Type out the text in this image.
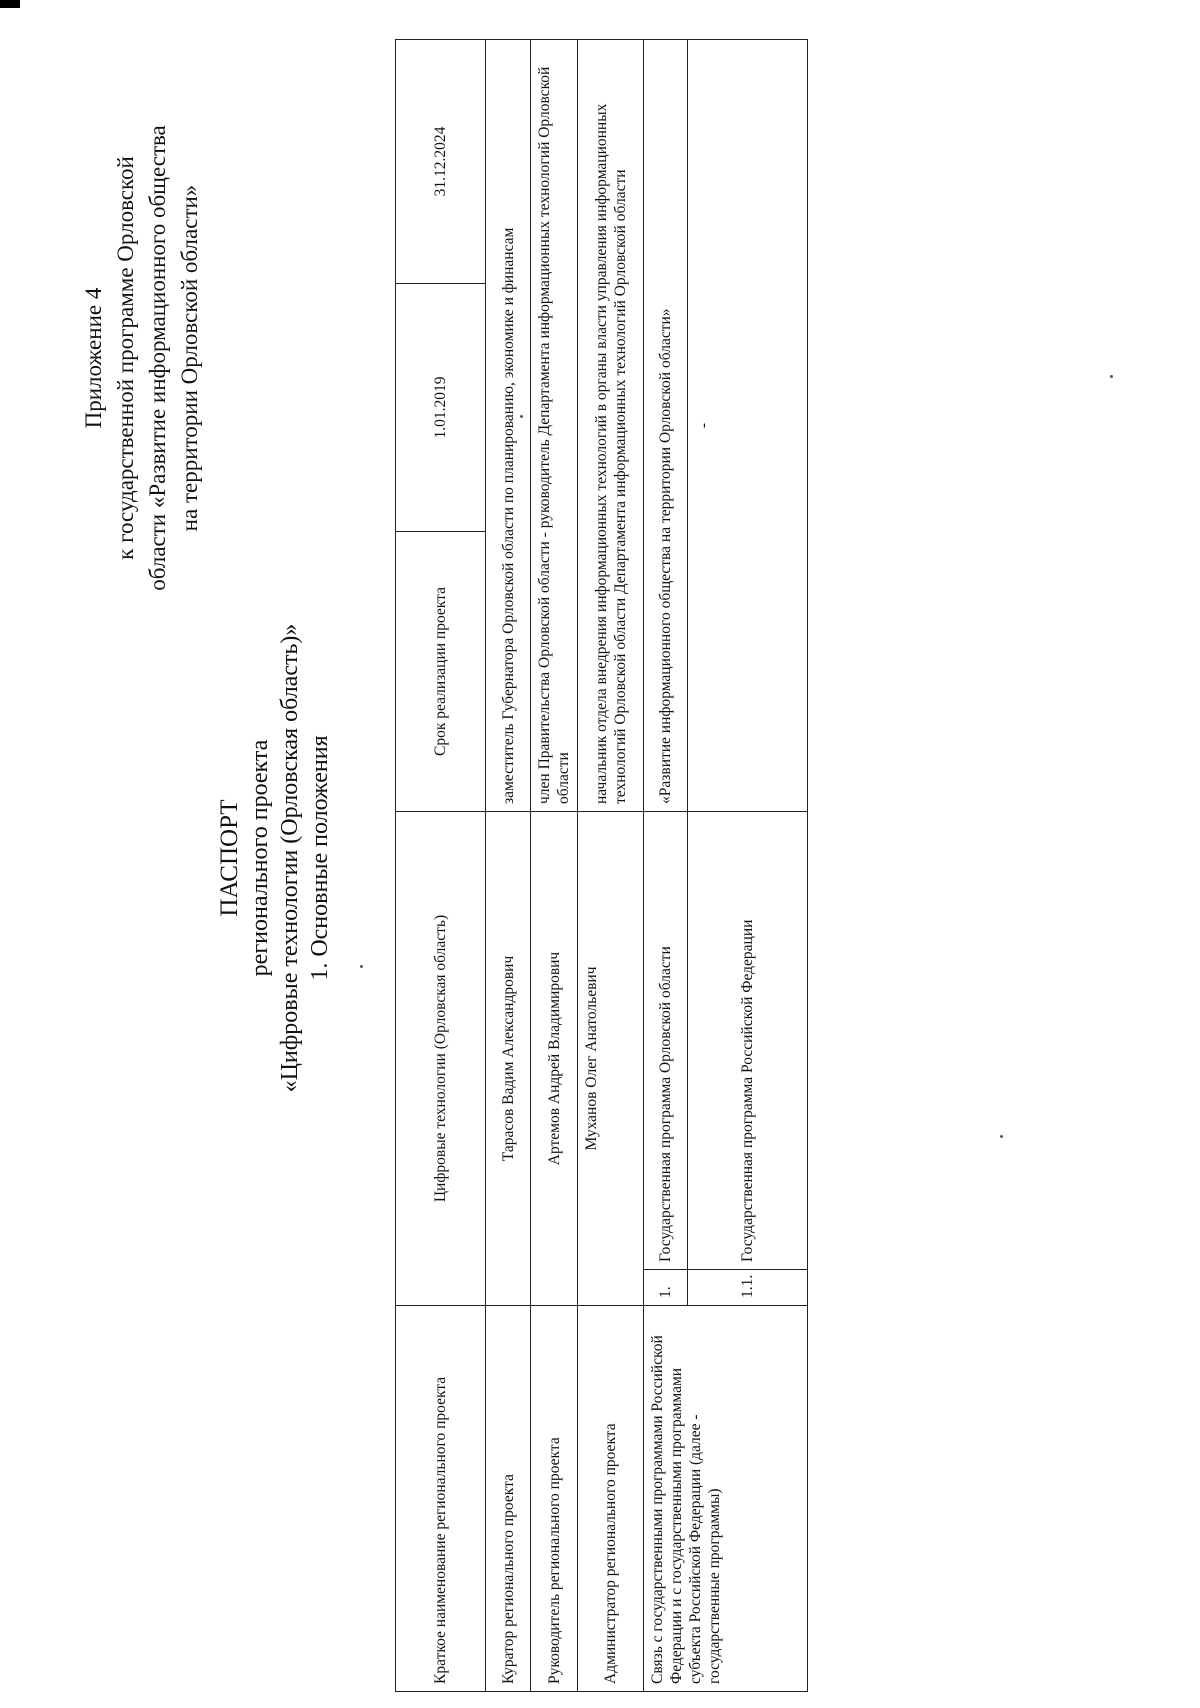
Приложение 4 к государственной программе Орловской области «Развитие информационного общества на территории Орловской области»
ПАСПОРТ регионального проекта «Цифровые технологии (Орловская область)» 1. Основные положения
Краткое наименование регионального проекта	Цифровые технологии (Орловская область)		Срок реализации проекта	1.01.2019	31.12.2024
Куратор регионального проекта	Тарасов Вадим Александрович		заместитель Губернатора Орловской области по планированию, экономике и финансам		
Руководитель регионального проекта	Артемов Андрей Владимирович		член Правительства Орловской области - руководитель Департамента информационных технологий Орловской области		
Администратор регионального проекта	Муханов Олег Анатольевич		начальник отдела внедрения информационных технологий в органы власти управления информационных технологий Орловской области Департамента информационных технологий Орловской области		
Связь с государственными программами Российской Федерации и с государственными программами субъекта Российской Федерации (далее - государственные программы)	1.	Государственная программа Орловской области	«Развитие информационного общества на территории Орловской области»		
	1.1.	Государственная программа Российской Федерации	-		
